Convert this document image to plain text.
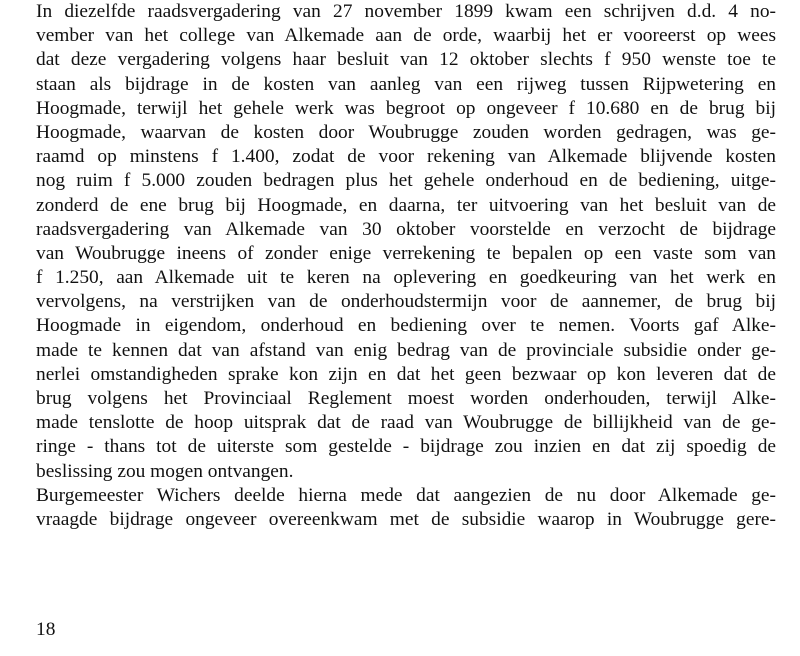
In diezelfde raadsvergadering van 27 november 1899 kwam een schrijven d.d. 4 no-
vember van het college van Alkemade aan de orde, waarbij het er vooreerst op wees
dat deze vergadering volgens haar besluit van 12 oktober slechts f 950 wenste toe te
staan als bijdrage in de kosten van aanleg van een rijweg tussen Rijpwetering en
Hoogmade, terwijl het gehele werk was begroot op ongeveer f 10.680 en de brug bij
Hoogmade, waarvan de kosten door Woubrugge zouden worden gedragen, was ge-
raamd op minstens f 1.400, zodat de voor rekening van Alkemade blijvende kosten
nog ruim f 5.000 zouden bedragen plus het gehele onderhoud en de bediening, uitge-
zonderd de ene brug bij Hoogmade, en daarna, ter uitvoering van het besluit van de
raadsvergadering van Alkemade van 30 oktober voorstelde en verzocht de bijdrage
van Woubrugge ineens of zonder enige verrekening te bepalen op een vaste som van
f 1.250, aan Alkemade uit te keren na oplevering en goedkeuring van het werk en
vervolgens, na verstrijken van de onderhoudstermijn voor de aannemer, de brug bij
Hoogmade in eigendom, onderhoud en bediening over te nemen. Voorts gaf Alke-
made te kennen dat van afstand van enig bedrag van de provinciale subsidie onder ge-
nerlei omstandigheden sprake kon zijn en dat het geen bezwaar op kon leveren dat de
brug volgens het Provinciaal Reglement moest worden onderhouden, terwijl Alke-
made tenslotte de hoop uitsprak dat de raad van Woubrugge de billijkheid van de ge-
ringe - thans tot de uiterste som gestelde - bijdrage zou inzien en dat zij spoedig de
beslissing zou mogen ontvangen.
Burgemeester Wichers deelde hierna mede dat aangezien de nu door Alkemade ge-
vraagde bijdrage ongeveer overeenkwam met de subsidie waarop in Woubrugge gere-
18
